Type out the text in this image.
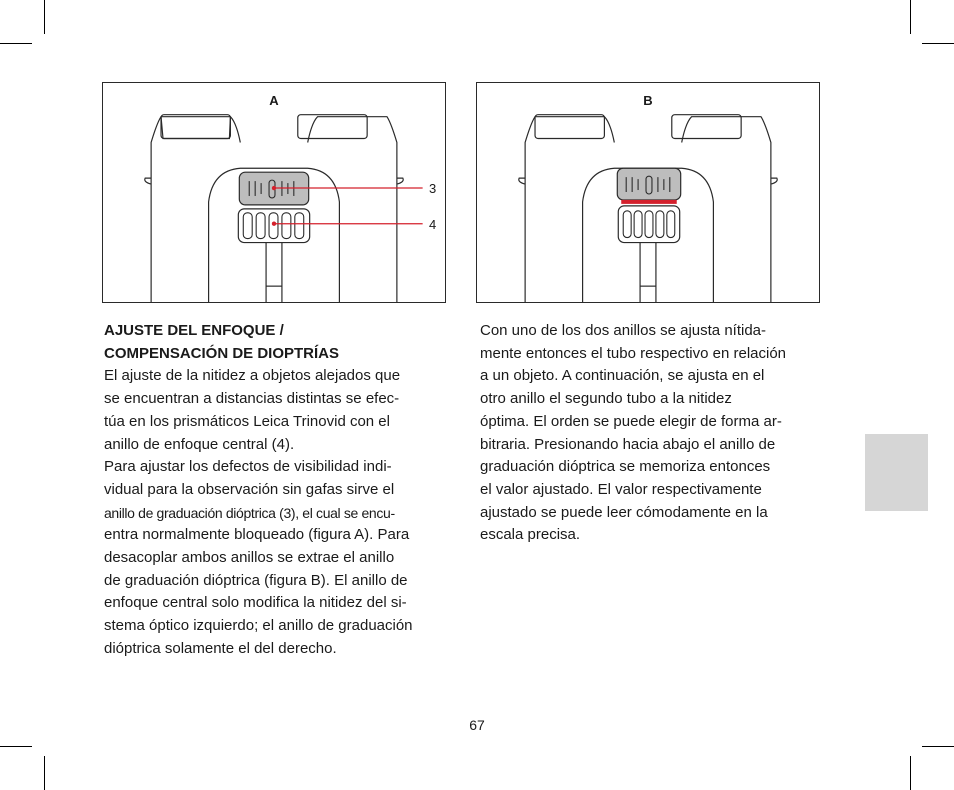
A
3
4
B
AJUSTE DEL ENFOQUE /
COMPENSACIÓN DE DIOPTRÍAS
El ajuste de la nitidez a objetos alejados que
se encuentran a distancias distintas se efec-
túa en los prismáticos Leica Trinovid con el
anillo de enfoque central (4).
Para ajustar los defectos de visibilidad indi-
vidual para la observación sin gafas sirve el
anillo de graduación dióptrica (3), el cual se encu-
entra normalmente bloqueado (figura A). Para
desacoplar ambos anillos se extrae el anillo
de graduación dióptrica (figura B). El anillo de
enfoque central solo modifica la nitidez del si-
stema óptico izquierdo; el anillo de graduación
dióptrica solamente el del derecho.
Con uno de los dos anillos se ajusta nítida-
mente entonces el tubo respectivo en relación
a un objeto. A continuación, se ajusta en el
otro anillo el segundo tubo a la nitidez
óptima. El orden se puede elegir de forma ar-
bitraria. Presionando hacia abajo el anillo de
graduación dióptrica se memoriza entonces
el valor ajustado. El valor respectivamente
ajustado se puede leer cómodamente en la
escala precisa.
67
